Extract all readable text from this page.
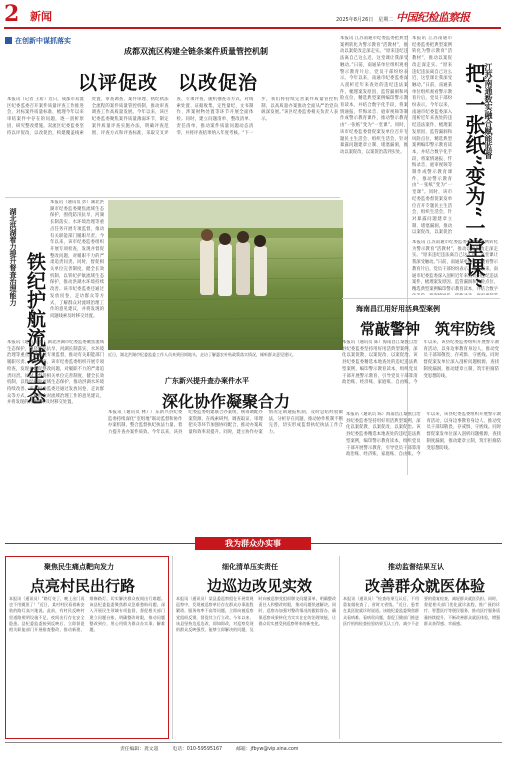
2 新闻	2025年8月26日　星期二 中国纪检监察报
在创新中谋抓落实
成都双流区构建全链条案件质量管控机制
以评促改　以改促治
本报讯（记者 王希）近日，成都市双流区纪委监委召开案件质量评查工作推进会，对标案件质量标准，梳理今年以来审结案件中存在的问题，逐一剖析原因、研究整改措施。双流区纪委监委坚持以评促改、以改促治，构建覆盖线索处置、审查调查、案件审理、执纪执法全流程的案件质量管控机制，推动审查调查工作高质量发展。今年以来，该区纪委监委聚焦案件质量薄弱环节，制定案件质量评查实施办法，明确评查范围、评查方式和评查标准，采取交叉评查、专项评查、随机抽查等方式，对线索处置、证据收集、定性量纪、文书制作、涉案财物处置等环节开展全面体检。同时，建立问题清单、整改清单、责任清单，推动案件质量问题动态清零，并将评查结果纳入年度考核。“下一步，我们将持续完善案件质量管控机制，以高质量办案推动全面从严治党向纵深发展。”该区纪委监委相关负责人表示。	江苏南通数实融合赋能监督
把“一张纸”变为“一堂课”
本报讯 江苏南通市纪委监委把典型案例转化为警示教育“活教材”，推动以案促改走深走实。“原来违纪违法离自己这么近，这堂课让我深受触动。”日前，南通某单位组织观看警示教育片后，党员干部纷纷表示。今年以来，南通市纪委监委深入剖析近年来查处的违纪违法案件，梳理案发原因、监管漏洞和风险点位，精选典型案例编印警示教育读本，并结合数字化手段，将案情通报、忏悔录音、庭审视频等制作成警示教育课件，推动警示教育由“一张纸”变为“一堂课”。同时，该市纪委监委督促案发单位召开专题民主生活会、组织生活会，针对暴露问题建章立制、堵塞漏洞，推动以案促改、以案促治
本报讯 江苏南通市纪委监委把典型案例转化为警示教育“活教材”，推动以案促改走深走实。“原来违纪违法离自己这么近，这堂课让我深受触动。”日前，南通某单位组织观看警示教育片后，党员干部纷纷表示。今年以来，南通市纪委监委深入剖析近年来查处的违纪违法案件，梳理案发原因、监管漏洞和风险点位，精选典型案例编印警示教育读本，并结合数字化手段，将案情通报、忏悔录音、庭审视频等制作成警示教育课件，推动警示教育由“一张纸”变为“一堂课”。同时，该市纪委监委督促案发单位召开专题民主生活会、组织生活会，针对暴露问题建章立制、堵塞漏洞，推动以案促改、以案促治落到实处。
本报讯 江苏南通市纪委监委把典型案例转化为警示教育“活教材”，推动以案促改走深走实。“原来违纪违法离自己这么近，这堂课让我深受触动。”日前，南通某单位组织观看警示教育片后，党员干部纷纷表示。今年以来，南通市纪委监委深入剖析近年来查处的违纪违法案件，梳理案发原因、监管漏洞和风险点位，精选典型案例编印警示教育读本，并结合数字
湖北洪湖着力提升督查治理能力 铁纪护航流域生态
本报讯（通讯员 彭）湖北洪湖市纪委监委聚焦流域生态保护，围绕防汛抗旱、河湖长制落实、水环境治理等重点任务开展专项监督，推动有关职能部门履职尽责。今年以来，该市纪委监委组织开展专项检查，发现并督促整改问题，对履职不力的严肃追责问责。同时，督促相关单位完善制度、健全长效机制，以铁纪护航流域生态保护，推动洪湖水环境持续改善。该市纪委监委还通过发放问卷、走访群众等方式，了解群众对流域治理工作的意见建议，并将发现的问题线索及时移交处置。
本报讯（通讯员 彭）湖北洪湖市纪委监委聚焦流域生态保护，围绕防汛抗旱、河湖长制落实、水环境治理等重点任务开展专项监督，推动有关职能部门履职尽责。今年以来，该市纪委监委组织开展专项检查，发现并督促整改问题，对履职不力的严肃追责问责。同时，督促相关单位完善制度、健全长效机制，以铁纪护航流域生态保护，推动洪湖水环境持续改善。该市纪委监委还通过发放问卷、走访群众等方式，了解群众对流域治理工作的意见建议，并将发现的问题线索及时移交处置。
近日，湖北洪湖市纪委监委工作人员来到田间地头，走访了解惠农补贴政策落实情况，倾听群众意见建议。
海南昌江用好用活典型案例
常敲警钟　筑牢防线
本报讯（通讯员 陈）海南昌江黎族自治县纪委监委坚持用好用活典型案例，深化以案促教、以案促改、以案促治。该县纪委监委精选本地查处的违纪违法典型案例，编印警示教育读本，组织党员干部开展警示教育，引导党员干部算清政治账、经济账、家庭账、自由账。今年以来，该县纪委监委组织开展警示教育活动，以身边事教育身边人，推动党员干部知敬畏、存戒惧、守底线。同时督促案发单位深入剖析问题根源，查找制度漏洞，推动建章立制，筑牢拒腐防变思想防线。
广东新兴提升查办案件水平
深化协作凝聚合力
本报讯（通讯员 林）广东新兴县纪委监委持续深化“室组地”联动监督和协作办案机制，整合监督执纪执法力量，着力提升查办案件质效。今年以来，该县纪委监委组建联合办案组，统筹调配办案资源，在线索研判、调查取证、审理把关等环节加强协同配合，推动办案质量和效率双提升。同时，建立协作办案情况定期通报机制，及时总结经验做法，分析存在问题，推动协作机制不断完善，切实形成监督执纪执法工作合力。
本报讯（通讯员 陈）海南昌江黎族自治县纪委监委坚持用好用活典型案例，深化以案促教、以案促改、以案促治。该县纪委监委精选本地查处的违纪违法典型案例，编印警示教育读本，组织党员干部开展警示教育，引导党员干部算清政治账、经济账、家庭账、自由账。今年以来，该县纪委监委组织开展警示教育活动，以身边事教育身边人，推动党员干部知敬畏、存戒惧、守底线。同时督促案发单位深入剖析问题根源，查找制度漏洞，推动建章立制，筑牢拒腐防变思想防线。
我为群众办实事
聚焦民生痛点靶向发力
点亮村民出行路
本报讯（通讯员）“路灯亮了，晚上出门再也不用摸黑了！”近日，某村村民看着新安装的路灯高兴地说。此前，有村民反映村里道路照明设施不足，夜间出行存在安全隐患。县纪委监委接到反映后，立即督促相关职能部门开展排查整改，推动新建、维修路灯，切实解决群众夜间出行难题。该县纪委监委聚焦群众急难愁盼问题，深入开展民生领域专项监督，督促相关部门建立问题台账，明确整改时限，推动问题整改到位，用心用情为群众办实事、解难题。
细化清单压实责任
边巡边改见实效
本报讯（通讯员）某县委巡察组在开展常规巡察中，发现被巡察单位存在群众办事流程繁琐、服务效率不高等问题，立即向被巡察党组织反馈，督促其立行立改。今年以来，该县坚持边巡边改、即知即改，对巡察发现的群众反映强烈、能够立即解决的问题，及时向被巡察党组织移交问题清单，明确整改责任人和整改时限，推动问题快速解决。同时，巡察办加强对整改情况的跟踪督办，确保巡察成果转化为实实在在的治理效能，让群众切实感受到巡察带来的新变化。
推动监督结果互认
改善群众就医体验
本报讯（通讯员）“检查结果互认后，不用重复做检查了，省时又省钱。”近日，患者在某医院就诊时说道。该地纪委监委聚焦群众看病难、看病贵问题，督促卫健部门推进医疗机构检查检验结果互认工作，减少不必要的重复检查，减轻群众就医负担。同时，督促相关部门优化就诊流程，推广预约诊疗、智慧医疗等便民服务，推动医疗服务质量持续提升，不断改善群众就医体验，增强群众获得感、幸福感。
责任编辑：龚文超	电话：010-59595167	邮箱：jfbyw@vip.sina.com
